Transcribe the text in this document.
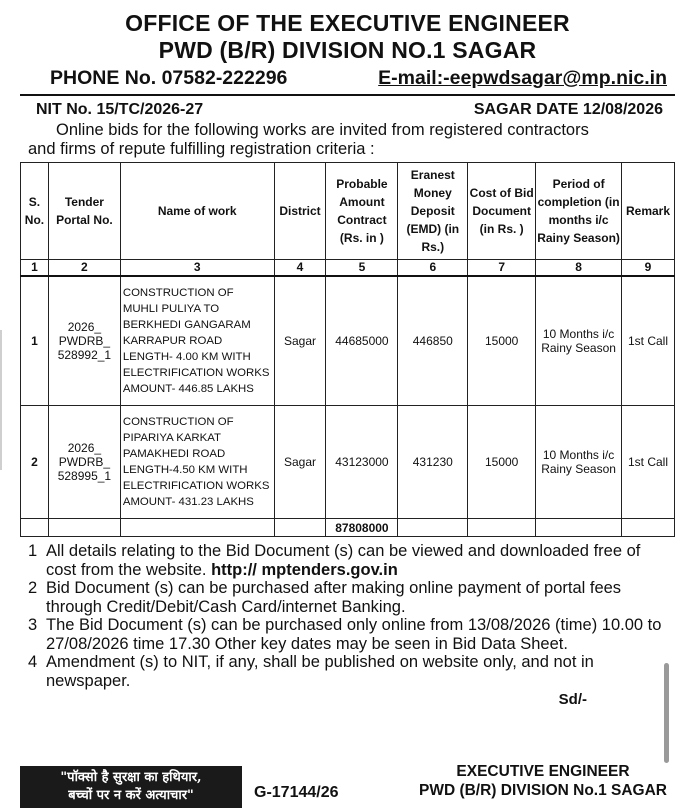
OFFICE OF THE EXECUTIVE ENGINEER
PWD (B/R) DIVISION NO.1 SAGAR
PHONE No. 07582-222296	E-mail:-eepwdsagar@mp.nic.in
NIT No. 15/TC/2026-27	SAGAR DATE 12/08/2026
Online bids for the following works are invited from registered contractors
and firms of repute fulfilling registration criteria :
S. No.	Tender Portal No.	Name of work	District	Probable Amount Contract (Rs. in )	Eranest Money Deposit (EMD) (in Rs.)	Cost of Bid Document (in Rs. )	Period of completion (in months i/c Rainy Season)	Remark
1	2	3	4	5	6	7	8	9
1	2026_ PWDRB_ 528992_1	CONSTRUCTION OF MUHLI PULIYA TO BERKHEDI GANGARAM KARRAPUR ROAD LENGTH- 4.00 KM WITH ELECTRIFICATION WORKS AMOUNT- 446.85 LAKHS	Sagar	44685000	446850	15000	10 Months i/c Rainy Season	1st Call
2	2026_ PWDRB_ 528995_1	CONSTRUCTION OF PIPARIYA KARKAT PAMAKHEDI ROAD LENGTH-4.50 KM WITH ELECTRIFICATION WORKS AMOUNT- 431.23 LAKHS	Sagar	43123000	431230	15000	10 Months i/c Rainy Season	1st Call
				87808000				
1 All details relating to the Bid Document (s) can be viewed and downloaded free of cost from the website. http:// mptenders.gov.in
2 Bid Document (s) can be purchased after making online payment of portal fees through Credit/Debit/Cash Card/internet Banking.
3 The Bid Document (s) can be purchased only online from 13/08/2026 (time) 10.00 to 27/08/2026 time 17.30 Other key dates may be seen in Bid Data Sheet.
4 Amendment (s) to NIT, if any, shall be published on website only, and not in newspaper.
Sd/-
"पॉक्सो है सुरक्षा का हथियार,
बच्चों पर न करें अत्याचार"	G-17144/26
EXECUTIVE ENGINEER
PWD (B/R) DIVISION No.1 SAGAR
